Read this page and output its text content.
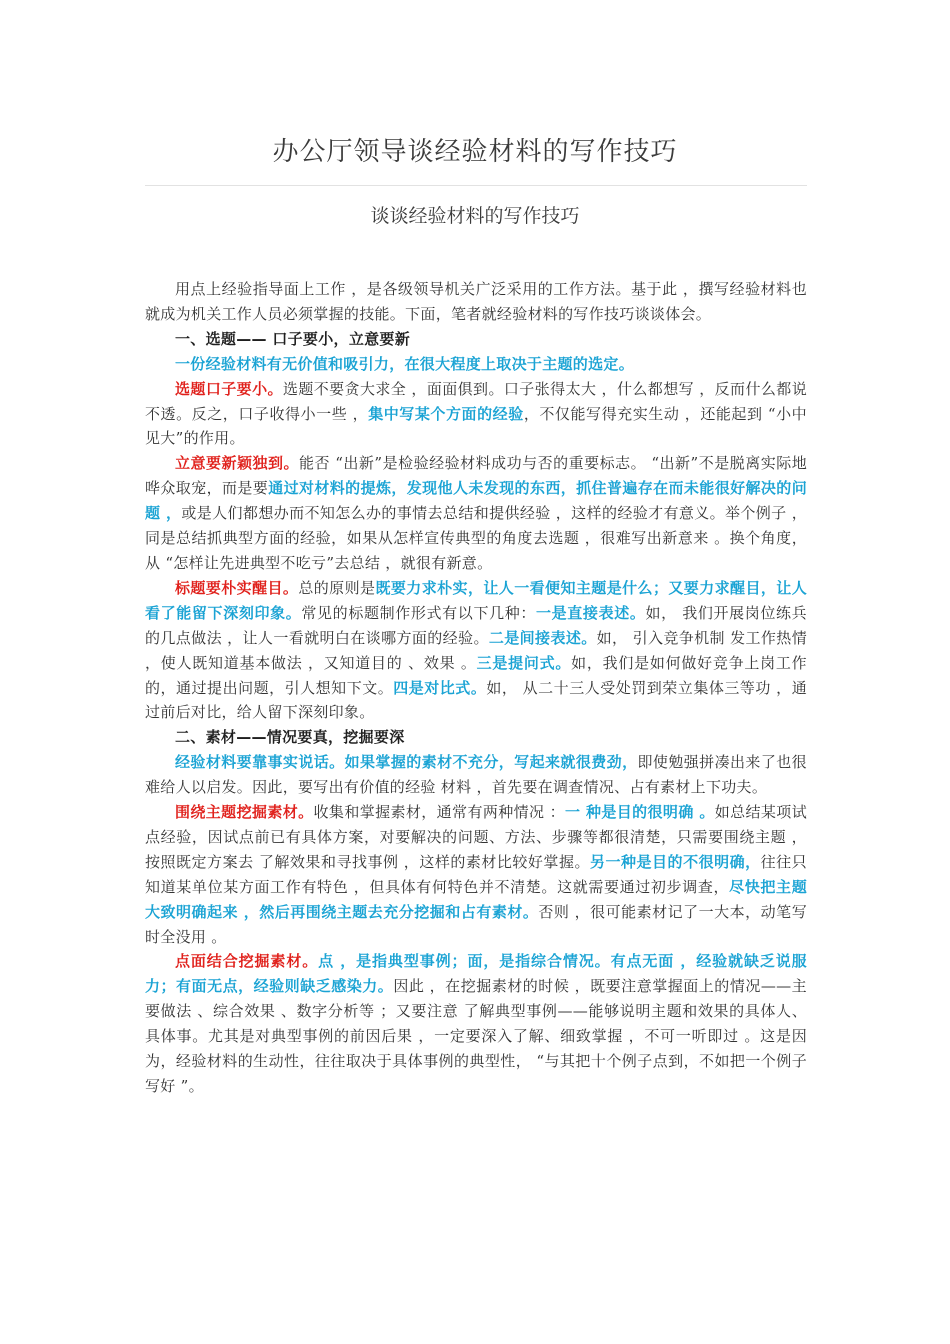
办公厅领导谈经验材料的写作技巧
谈谈经验材料的写作技巧

用点上经验指导面上工作 ，是各级领导机关广泛采用的工作方法。基于此 ，撰写经验材料也就成为机关工作人员必须掌握的技能。下面，笔者就经验材料的写作技巧谈谈体会。

一、选题—— 口子要小，立意要新

一份经验材料有无价值和吸引力，在很大程度上取决于主题的选定。

选题口子要小。选题不要贪大求全 ，面面俱到。口子张得太大 ，什么都想写 ，反而什么都说不透。反之，口子收得小一些 ，集中写某个方面的经验，不仅能写得充实生动 ，还能起到 “小中见大”的作用。

立意要新颖独到。能否 “出新”是检验经验材料成功与否的重要标志。 “出新”不是脱离实际地哗众取宠，而是要通过对材料的提炼，发现他人未发现的东西，抓住普遍存在而未能很好解决的问题 ，或是人们都想办而不知怎么办的事情去总结和提供经验 ，这样的经验才有意义。举个例子 ，同是总结抓典型方面的经验，如果从怎样宣传典型的角度去选题 ，很难写出新意来 。换个角度，从 “怎样让先进典型不吃亏”去总结 ，就很有新意。

标题要朴实醒目。总的原则是既要力求朴实，让人一看便知主题是什么；又要力求醒目，让人看了能留下深刻印象。常见的标题制作形式有以下几种：一是直接表述。如， 我们开展岗位练兵的几点做法 ，让人一看就明白在谈哪方面的经验。二是间接表述。如， 引入竞争机制 发工作热情 ，使人既知道基本做法 ，又知道目的 、效果 。三是提问式。如，我们是如何做好竞争上岗工作的，通过提出问题，引人想知下文。四是对比式。如， 从二十三人受处罚到荣立集体三等功 ，通过前后对比，给人留下深刻印象。

二、素材——情况要真，挖掘要深

经验材料要靠事实说话。如果掌握的素材不充分，写起来就很费劲，即使勉强拼凑出来了也很难给人以启发。因此，要写出有价值的经验 材料 ，首先要在调查情况、占有素材上下功夫。

围绕主题挖掘素材。收集和掌握素材，通常有两种情况 ：一 种是目的很明确 。如总结某项试点经验，因试点前已有具体方案，对要解决的问题、方法、步骤等都很清楚，只需要围绕主题 ，按照既定方案去 了解效果和寻找事例 ，这样的素材比较好掌握。另一种是目的不很明确，往往只知道某单位某方面工作有特色 ，但具体有何特色并不清楚。这就需要通过初步调查，尽快把主题大致明确起来 ，然后再围绕主题去充分挖掘和占有素材。否则 ，很可能素材记了一大本，动笔写时全没用 。

点面结合挖掘素材。点 ，是指典型事例；面，是指综合情况。有点无面 ，经验就缺乏说服力；有面无点，经验则缺乏感染力。因此 ，在挖掘素材的时候 ，既要注意掌握面上的情况——主要做法 、综合效果 、数字分析等 ；又要注意 了解典型事例——能够说明主题和效果的具体人、具体事。尤其是对典型事例的前因后果 ，一定要深入了解、细致掌握 ，不可一听即过 。这是因为，经验材料的生动性，往往取决于具体事例的典型性， “与其把十个例子点到，不如把一个例子写好 ”。
